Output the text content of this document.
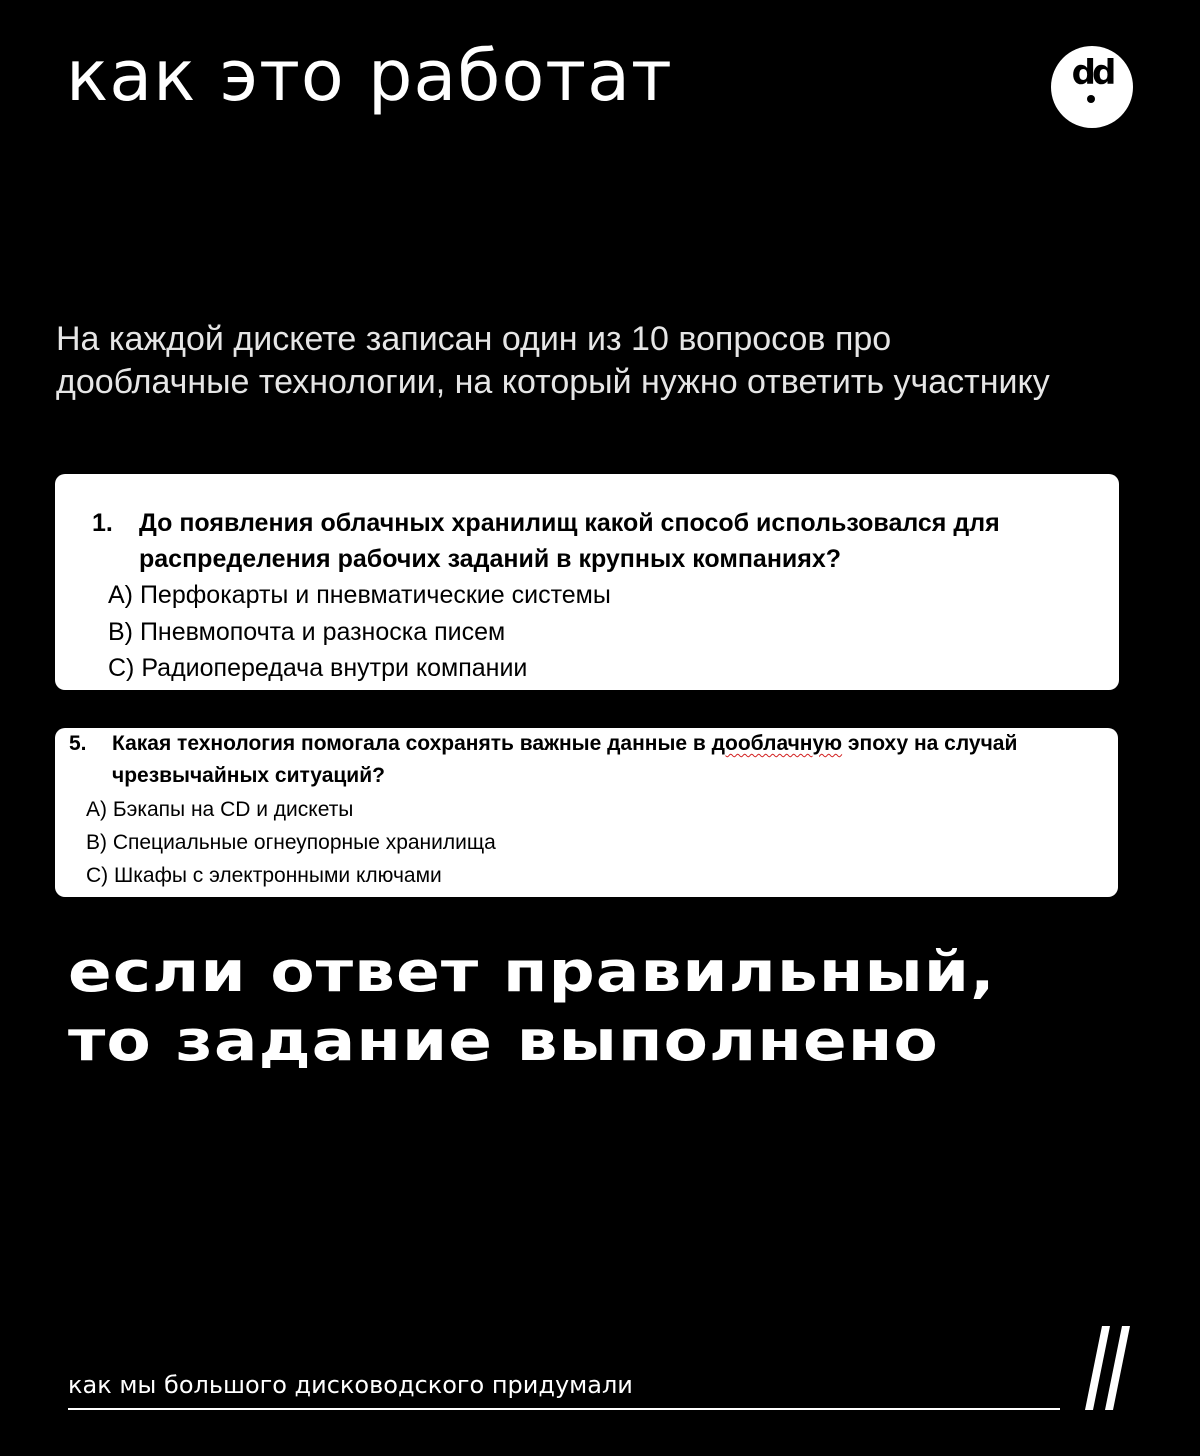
как это работат	dd

На каждой дискете записан один из 10 вопросов про дооблачные технологии, на который нужно ответить участнику

1.	До появления облачных хранилищ какой способ использовался для распределения рабочих заданий в крупных компаниях?
A) Перфокарты и пневматические системы
B) Пневмопочта и разноска писем
C) Радиопередача внутри компании
5.	Какая технология помогала сохранять важные данные в дооблачную эпоху на случай чрезвычайных ситуаций?
A) Бэкапы на CD и дискеты
B) Специальные огнеупорные хранилища
C) Шкафы с электронными ключами
если ответ правильный,
то задание выполнено

как мы большого дисководского придумали
